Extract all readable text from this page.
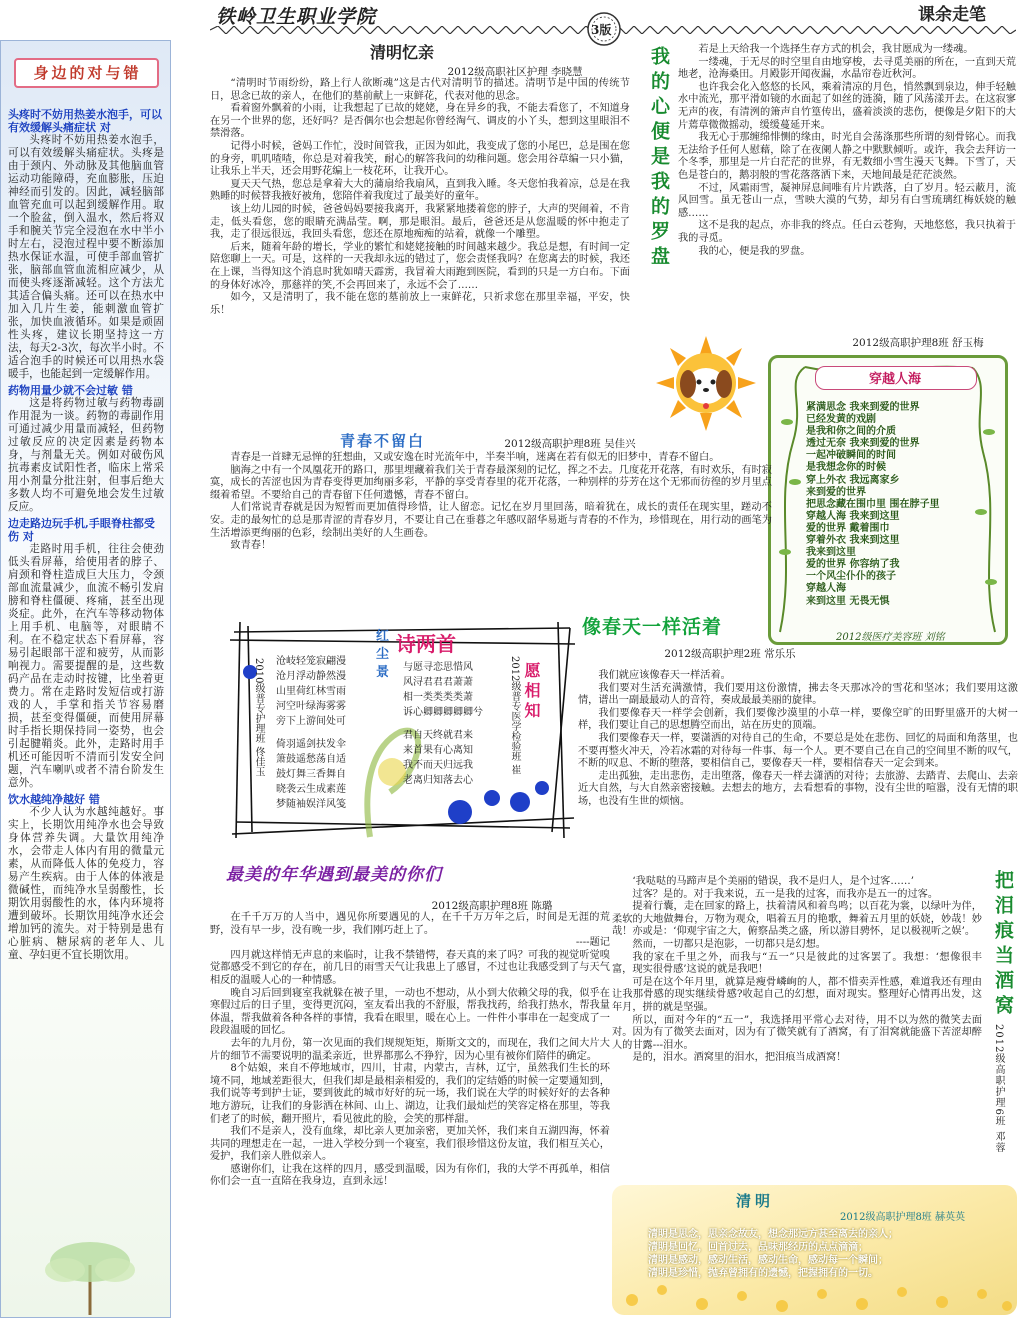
铁岭卫生职业学院
3版
课余走笔
身边的对与错
头疼时不妨用热姜水泡手，可以有效缓解头痛症状 对

头疼时不妨用热姜水泡手，可以有效缓解头痛症状。头疼是由于颈内、外动脉及其他脑血管运动功能障碍，充血膨胀，压迫神经而引发的。因此，减轻脑部血管充血可以起到缓解作用。取一个脸盆，倒入温水，然后将双手和腕关节完全浸泡在水中半小时左右，浸泡过程中要不断添加热水保证水温，可使手部血管扩张，脑部血管血流相应减少，从而使头疼逐渐减轻。这个方法尤其适合偏头痛。还可以在热水中加入几片生姜，能刺激血管扩张，加快血液循环。如果是顽固性头疼，建议长期坚持这一方法，每天2-3次，每次半小时。不适合泡手的时候还可以用热水袋暖手，也能起到一定缓解作用。

药物用量少就不会过敏 错

这是将药物过敏与药物毒副作用混为一谈。药物的毒副作用可通过减少用量而减轻，但药物过敏反应的决定因素是药物本身，与剂量无关。例如对破伤风抗毒素皮试阳性者，临床上常采用小剂量分批注射，但事后绝大多数人均不可避免地会发生过敏反应。

边走路边玩手机,手眼脊柱都受伤 对

走路时用手机，往往会使劲低头看屏幕，给使用者的脖子、肩颈和脊柱造成巨大压力，令颈部血流量减少，血流不畅引发肩膀和脊柱僵硬、疼痛，甚至出现炎症。此外，在汽车等移动物体上用手机、电脑等，对眼睛不利。在不稳定状态下看屏幕，容易引起眼部干涩和疲劳，从而影响视力。需要提醒的是，这些数码产品在走动时按键，比坐着更费力。常在走路时发短信或打游戏的人，手掌和指关节容易磨损，甚至变得僵硬，而使用屏幕时手指长期保持同一姿势，也会引起腱鞘炎。此外，走路时用手机还可能因听不清而引发安全问题，汽车喇叭或者不清台阶发生意外。

饮水越纯净越好 错

不少人认为水越纯越好。事实上，长期饮用纯净水也会导致身体营养失调。大量饮用纯净水，会带走人体内有用的微量元素，从而降低人体的免疫力，容易产生疾病。由于人体的体液是微碱性，而纯净水呈弱酸性，长期饮用弱酸性的水，体内环境将遭到破坏。长期饮用纯净水还会增加钙的流失。对于特别是患有心脏病、糖尿病的老年人、儿童、孕妇更不宜长期饮用。

清明忆亲
2012级高职社区护理 李晓慧

“清明时节雨纷纷，路上行人欲断魂”这是古代对清明节的描述。清明节是中国的传统节日，思念已故的亲人，在他们的墓前献上一束鲜花，代表对他的思念。

看着窗外飘着的小雨，让我想起了已故的姥姥，身在异乡的我，不能去看您了，不知道身在另一个世界的您，还好吗？是否偶尔也会想起你曾经淘气、调皮的小丫头，想到这里眼泪不禁滑落。

记得小时候，爸妈工作忙，没时间管我，正因为如此，我变成了您的小尾巴，总是围在您的身旁，叽叽喳喳，你总是对着我笑，耐心的解答我问的幼稚问题。您会用谷草编一只小猫，让我乐上半天，还会用野花编上一枝花环，让我开心。

夏天天气热，您总是拿着大大的蒲扇给我扇风，直到我入睡。冬天您怕我着凉，总是在我熟睡的时候替我掖好被角，您陪伴着我度过了最美好的童年。

该上幼儿园的时候，爸爸妈妈要接我离开，我紧紧地搂着您的脖子，大声的哭闹着，不肯走，低头看您，您的眼睛充满晶莹。啊，那是眼泪。最后，爸爸还是从您温暖的怀中抱走了我，走了很远很远，我回头看您，您还在原地痴痴的站着，就像一个雕塑。

后来，随着年龄的增长，学业的繁忙和姥姥接触的时间越来越少。我总是想，有时间一定陪您聊上一天。可是，这样的一天我却永远的错过了，您会责怪我吗？在您离去的时候，我还在上课，当得知这个消息时犹如晴天霹雳，我冒着大雨跑到医院，看到的只是一方白布。下面的身体好冰冷，那慈祥的笑,不会再回来了，永远不会了……

如今，又是清明了，我不能在您的墓前放上一束鲜花，只祈求您在那里幸福，平安，快乐！

我的心便是我的罗盘	若是上天给我一个选择生存方式的机会，我甘愿成为一缕魂。

一缕魂，于无尽的时空里自由地穿梭，去寻觅美丽的所在，一直到天荒地老，沧海桑田。月殿影开闻夜漏，水晶帘卷近秋河。

也许我会化入悠悠的长风，乘着清凉的月色，悄然飘到泉边，伸手轻触水中流光，那平滑如镜的水面起了如丝的涟漪，随了风荡漾开去。在这寂寥无声的夜，有清洌的箫声自竹篁传出，盛着淡淡的悲伤，便像是夕阳下的大片蔫草微微摇动，缓缓蔓延开来。

我无心于那缠绵悱恻的缘由，时光自会荡涤那些所谓的刻骨铭心。而我无法给予任何人慰藉，除了在夜阑人静之中默默倾听。或许，我会去拜访一个冬季，那里是一片白茫茫的世界，有无数细小雪生漫天飞舞。下雪了，天色是苍白的，鹅羽般的雪花落落洒下来，天地间最是茫茫淡然。

不过，风霜雨雪，凝神屏息间唯有片片跌落，白了岁月。轻云蔽月，流风回雪。虽无苍山一点，雪映大漠的气势，却另有白雪琉璃红梅妖娆的触感……

这不是我的起点，亦非我的终点。任白云苍狗，天地悠悠，我只执着于我的寻觅。

我的心，便是我的罗盘。

2012级高职护理8班 舒玉梅
穿越人海
紧满思念 我来到爱的世界
已经发黄的戏剧
是我和你之间的介质
透过无奈 我来到爱的世界
一起冲破瞬间的时间
是我想念你的时候
穿上外衣 我远离家乡
来到爱的世界
把思念藏在围巾里 围在脖子里
穿越人海 我来到这里
爱的世界 戴着围巾
穿着外衣 我来到这里
我来到这里
爱的世界 你容纳了我
一个风尘仆仆的孩子
穿越人海
来到这里 无畏无惧
2012级医疗美容班 刘铭
青春不留白	2012级高职护理8班 吴佳兴

青春是一首肆无忌惮的狂想曲，又或安逸在时光流年中，半奏半响，迷离在若有似无的旧梦中，青春不留白。

脑海之中有一个凤凰花开的路口，那里埋藏着我们关于青春最深刻的记忆，挥之不去。几度花开花落，有时欢乐，有时寂寞，成长的苦涩也因为青春变得更加绚丽多彩，平静的享受青春里的花开花落，一种别样的芬芳在这个无邪而彷徨的岁月里点缀着希望。不要给自己的青春留下任何遗憾，青春不留白。

人们常说青春就是因为短暂而更加值得珍惜，让人留恋。记忆在岁月里回荡，暗着犹在，成长的责任在现实里，蹉动不安。走的最匆忙的总是那青涩的青春岁月，不要让自己在垂暮之年感叹韶华易逝与青春的不作为，珍惜现在，用行动的画笔为生活增添更绚丽的色彩，绘制出美好的人生画卷。

致青春！

红尘景
诗两首
2010级普专护理班 佟佳玉 沧岐轻笼寂翩漫
沧月浮动静然漫
山里荷红林雪雨
河空叶绿海雾雾
旁下上游间处可
倚羽遥剑扶发伞
箫鼓遥愁荡自适
鼓灯舞三香舞自
晓袭云生成素莲
梦随袖娱洋风笺
与愿寻恋思惜风
风浔君君君萧萧
相一类类类类萧
诉心卿卿卿卿卿兮
君自天终就君来
来首果有心离知
我不而天归远我
老离归知落去心
2012级普专医学检验班 崔 愿相知
像春天一样活着
2012级高职护理2班 常乐乐

我们就应该像春天一样活着。

我们要对生活充满激情，我们要用这份激情，拂去冬天那冰冷的雪花和坚冰；我们要用这激情，谱出一副最最动人的音符，奏成最最美丽的旋律。

我们要像春天一样学会创新，我们要像沙漠里的小草一样，要像空旷的田野里盛开的大树一样，我们要让自己的思想腾空而出，站在历史的顶端。

我们要像春天一样，要潇洒的对待自己的生命，不要总是处在悲伤、回忆的局面和角落里，也不要再整火冲天，冷若冰霜的对待每一件事、每一个人。更不要自己在自己的空间里不断的叹气，不断的叹息、不断的堕落，要相信自己，要像春天一样，要相信春天一定会到来。

走出孤独，走出悲伤，走出堕落，像春天一样去潇洒的对待；去旅游、去踏青、去爬山、去亲近大自然，与大自然亲密接触。去想去的地方，去看想看的事物，没有尘世的喧嚣，没有无情的职场，也没有生世的烦恼。

最美的年华遇到最美的你们
2012级高职护理8班 陈璐

在千千万万的人当中，遇见你所要遇见的人，在千千万万年之后，时间是无涯的荒野，没有早一步，没有晚一步，我们刚巧赶上了。

----题记

四月就这样悄无声息的来临时，让我不禁错愕，春天真的来了吗？可我的视觉听觉嗅觉都感受不到它的存在，前几日的雨雪天气让我患上了感冒，不过也让我感受到了与天气相反的温暖人心的一种情感。

晚自习后回到寝室我就躲在被子里，一动也不想动，从小到大依赖父母的我，似乎在寒假过后的日子里，变得更沉闷，室友看出我的不舒服，帮我找药，给我打热水，帮我量体温，帮我做着各种各样的事情，我看在眼里，暖在心上。一件件小事串在一起变成了一段段温暖的回忆。

去年的九月份，第一次见面的我们规规矩矩，斯斯文文的，而现在，我们之间大片大片的细节不需要说明的温柔亲近，世界都那么不狰狞，因为心里有被你们陪伴的确定。

8个姑娘，来自不停地域市，四川，甘肃，内蒙古，吉林，辽宁，虽然我们生长的环境不同，地域差距很大，但我们却是最相亲相爱的，我们的定结婚的时候一定要通知到，我们说等考到护士证，要到彼此的城市好好的玩一场，我们说在大学的时候好好的去各种地方游玩，让我们的身影洒在林间、山上、湖边，让我们最灿烂的笑容定格在那里，等我们老了的时候，翻开照片，看见彼此的脸，会笑的那样甜。

我们不是亲人，没有血缘，却比亲人更加亲密，更加关怀，我们来自五湖四海，怀着共同的理想走在一起，一进入学校分到一个寝室，我们很珍惜这份友谊，我们相互关心，爱护，我们亲人胜似亲人。

感谢你们，让我在这样的四月，感受到温暖，因为有你们，我的大学不再孤单，相信你们会一直一直陪在我身边，直到永远！

‘我哒哒的马蹄声是个美丽的错误，我不是归人，是个过客……’

过客？是的。对于我来说，五一是我的过客，而我亦是五一的过客。

提着行囊，走在回家的路上，扶着清风和着鸟鸣；以百花为裳，以绿叶为伴，柔软的大地做舞台，万物为观众，唱着五月的艳歌，舞着五月里的妖娆，妙哉！妙哉！亦或是：‘仰观宇宙之大，俯察品类之盛，所以游目骋怀，足以极视听之娱’。

然而，一切都只是泡影，一切都只是幻想。

我的家在千里之外，而我与“五一”只是彼此的过客罢了。我想：‘想像很丰富，现实很骨感’这说的就是我吧！

可是在这个年月里，就算是瘦骨嶙峋的人，都不惜卖弄性感，难道我还有理由让我那骨感的现实继续骨感?收起自己的幻想，面对现实。整理好心情再出发，这年月，拼的就是坚强。

所以，面对今年的“五一”，我选择用平常心去对待，用不以为然的微笑去面对。因为有了微笑去面对，因为有了微笑就有了酒窝，有了泪窝就能盛下苦涩却醉人的甘露---泪水。

是的，泪水。酒窝里的泪水，把泪痕当成酒窝！

把泪痕当酒窝
2012级高职护理6班 邓蓉
清明
2012级高职护理8班 赫英英
清明是思念，思亲念故友，想念那远方甚至离去的亲人；
清明是回忆，回首过去，品味那经历的点点滴滴；
清明是感动，感动生活，感动生命，感动每一个瞬间；
清明是珍惜，抛弃曾拥有的遗憾，把握拥有的一切。
